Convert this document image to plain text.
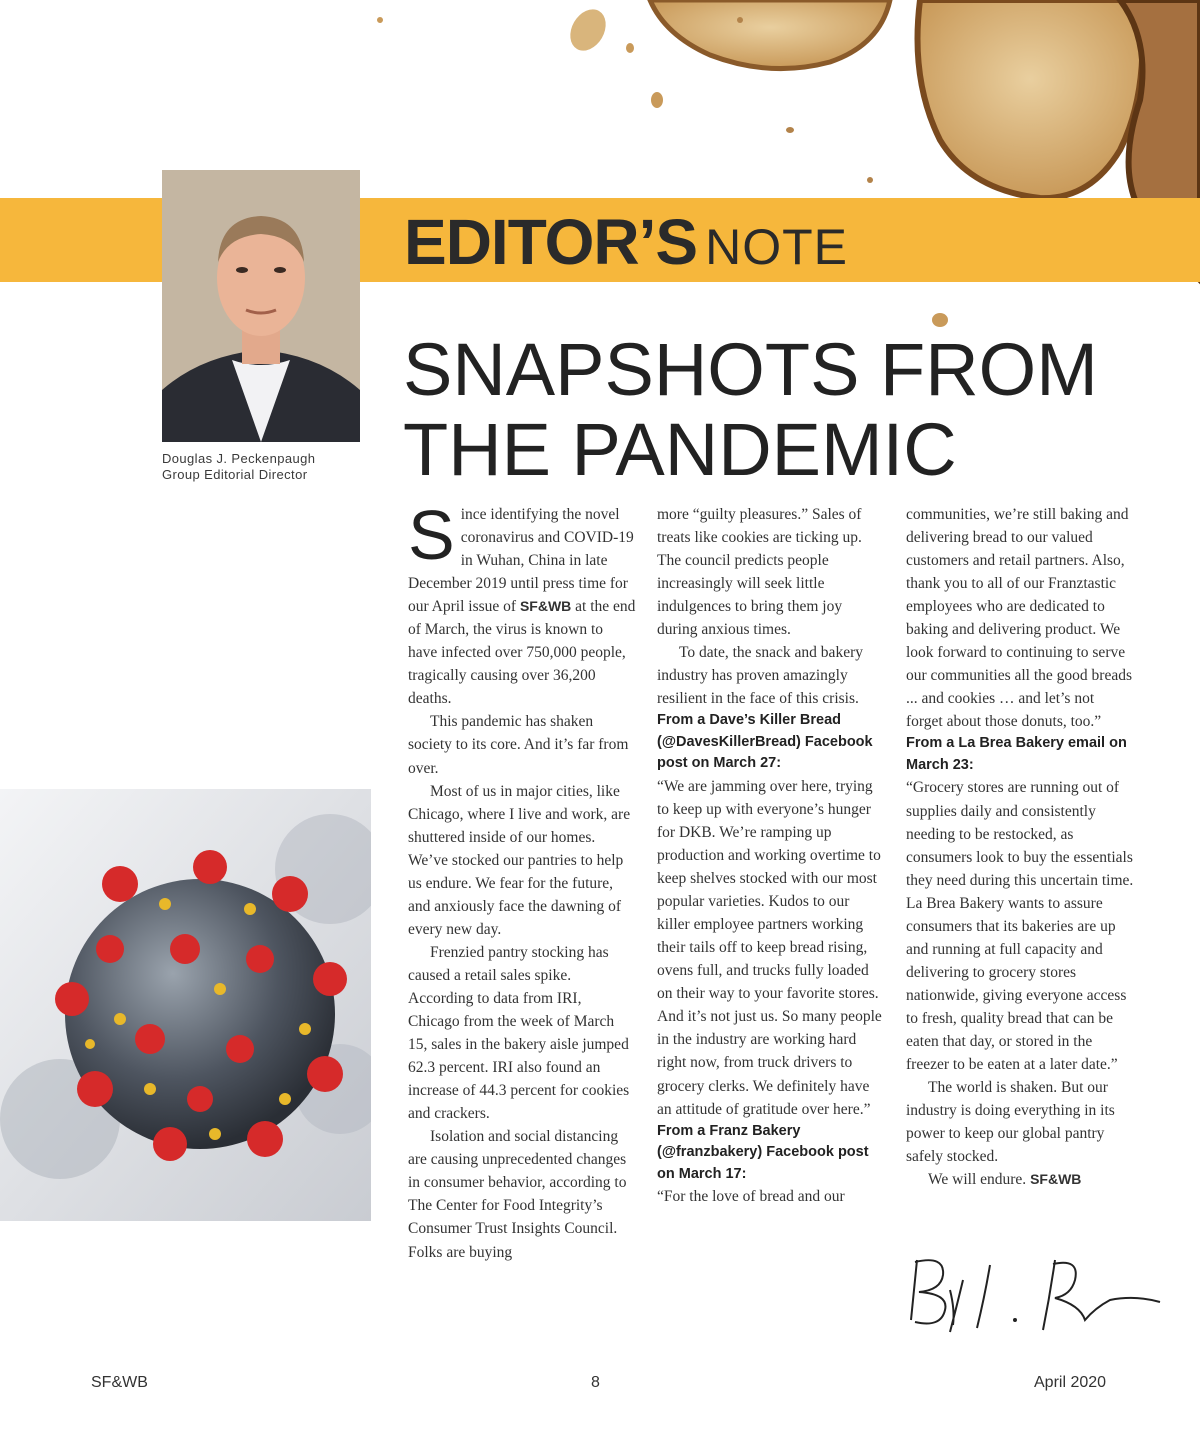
EDITOR’S NOTE
Douglas J. Peckenpaugh
Group Editorial Director
SNAPSHOTS FROM
THE PANDEMIC

Since identifying the novel coronavirus and COVID-19 in Wuhan, China in late December 2019 until press time for our April issue of SF&WB at the end of March, the virus is known to have infected over 750,000 people, tragically causing over 36,200 deaths.

This pandemic has shaken society to its core. And it’s far from over.

Most of us in major cities, like Chicago, where I live and work, are shuttered inside of our homes. We’ve stocked our pantries to help us endure. We fear for the future, and anxiously face the dawning of every new day.

Frenzied pantry stocking has caused a retail sales spike. According to data from IRI, Chicago from the week of March 15, sales in the bakery aisle jumped 62.3 percent. IRI also found an increase of 44.3 percent for cookies and crackers.

Isolation and social distancing are causing unprecedented changes in consumer behavior, according to The Center for Food Integrity’s Consumer Trust Insights Council. Folks are buying

more “guilty pleasures.” Sales of treats like cookies are ticking up. The council predicts people increasingly will seek little indulgences to bring them joy during anxious times.

To date, the snack and bakery industry has proven amazingly resilient in the face of this crisis.

From a Dave’s Killer Bread (@DavesKillerBread) Facebook post on March 27:

“We are jamming over here, trying to keep up with everyone’s hunger for DKB. We’re ramping up production and working overtime to keep shelves stocked with our most popular varieties. Kudos to our killer employee partners working their tails off to keep bread rising, ovens full, and trucks fully loaded on their way to your favorite stores. And it’s not just us. So many people in the industry are working hard right now, from truck drivers to grocery clerks. We definitely have an attitude of gratitude over here.”

From a Franz Bakery (@franzbakery) Facebook post on March 17:

“For the love of bread and our

communities, we’re still baking and delivering bread to our valued customers and retail partners. Also, thank you to all of our Franztastic employees who are dedicated to baking and delivering product. We look forward to continuing to serve our communities all the good breads ... and cookies … and let’s not forget about those donuts, too.”

From a La Brea Bakery email on March 23:

“Grocery stores are running out of supplies daily and consistently needing to be restocked, as consumers look to buy the essentials they need during this uncertain time. La Brea Bakery wants to assure consumers that its bakeries are up and running at full capacity and delivering to grocery stores nationwide, giving everyone access to fresh, quality bread that can be eaten that day, or stored in the freezer to be eaten at a later date.”

The world is shaken. But our industry is doing everything in its power to keep our global pantry safely stocked.

We will endure. SF&WB

SF&WB	8	April 2020
